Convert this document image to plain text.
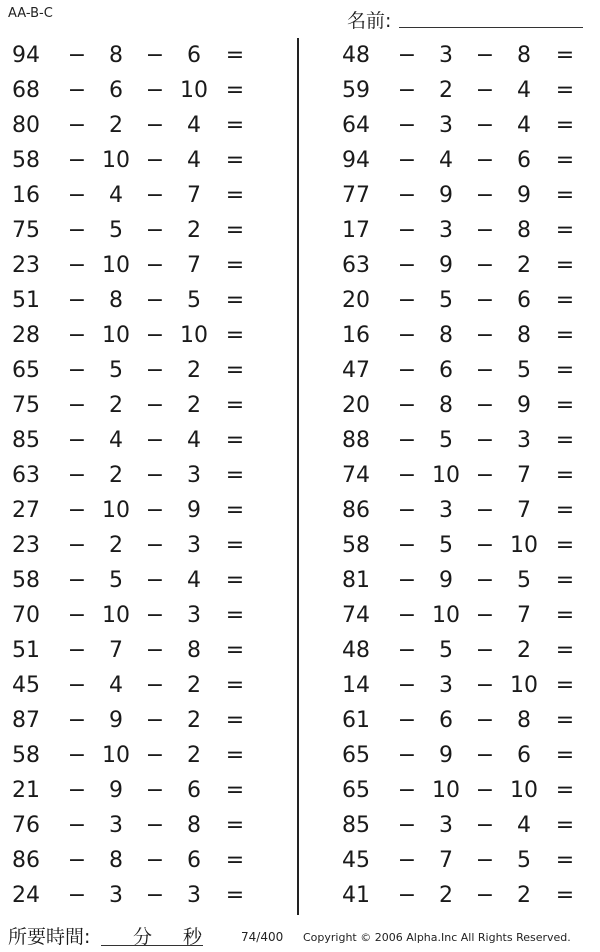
AA-B-C	名前:
94 −	8	−	6	=
68 −	6	− 10 =
80 −	2	−	4	=
58 − 10 −	4	=
16 −	4	−	7	=
75 −	5	−	2	=
23 − 10 −	7	=
51 −	8	−	5	=
28 − 10 − 10 =
65 −	5	−	2	=
75 −	2	−	2	=
85 −	4	−	4	=
63 −	2	−	3	=
27 − 10 −	9	=
23 −	2	−	3	=
58 −	5	−	4	=
70 − 10 −	3	=
51 −	7	−	8	=
45 −	4	−	2	=
87 −	9	−	2	=
58 − 10 −	2	=
21 −	9	−	6	=
76 −	3	−	8	=
86 −	8	−	6	=
24 −	3	−	3	=
48 −	3	−	8	=
59 −	2	−	4	=
64 −	3	−	4	=
94 −	4	−	6	=
77 −	9	−	9	=
17 −	3	−	8	=
63 −	9	−	2	=
20 −	5	−	6	=
16 −	8	−	8	=
47 −	6	−	5	=
20 −	8	−	9	=
88 −	5	−	3	=
74 − 10 −	7	=
86 −	3	−	7	=
58 −	5	− 10 =
81 −	9	−	5	=
74 − 10 −	7	=
48 −	5	−	2	=
14 −	3	− 10 =
61 −	6	−	8	=
65 −	9	−	6	=
65 − 10 − 10 =
85 −	3	−	4	=
45 −	7	−	5	=
41 −	2	−	2	=
所要時間: 分 秒	74/400 Copyright © 2006 Alpha.Inc All Rights Reserved.
